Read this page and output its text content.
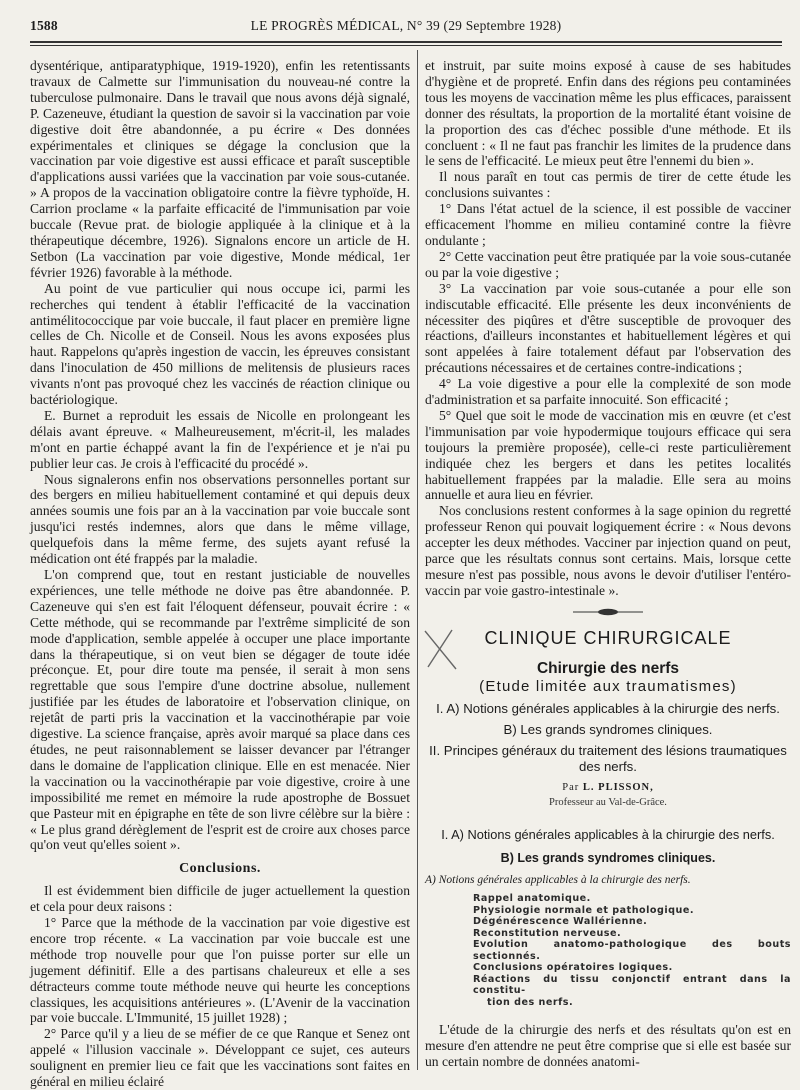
1588	LE PROGRÈS MÉDICAL, N° 39 (29 Septembre 1928)

dysentérique, antiparatyphique, 1919-1920), enfin les retentissants travaux de Calmette sur l'immunisation du nouveau-né contre la tuberculose pulmonaire. Dans le travail que nous avons déjà signalé, P. Cazeneuve, étudiant la question de savoir si la vaccination par voie digestive doit être abandonnée, a pu écrire « Des données expérimentales et cliniques se dégage la conclusion que la vaccination par voie digestive est aussi efficace et paraît susceptible d'applications aussi variées que la vaccination par voie sous-cutanée. » A propos de la vaccination obligatoire contre la fièvre typhoïde, H. Carrion proclame « la parfaite efficacité de l'immunisation par voie buccale (Revue prat. de biologie appliquée à la clinique et à la thérapeutique décembre, 1926). Signalons encore un article de H. Setbon (La vaccination par voie digestive, Monde médical, 1er février 1926) favorable à la méthode.

Au point de vue particulier qui nous occupe ici, parmi les recherches qui tendent à établir l'efficacité de la vaccination antimélitococcique par voie buccale, il faut placer en première ligne celles de Ch. Nicolle et de Conseil. Nous les avons exposées plus haut. Rappelons qu'après ingestion de vaccin, les épreuves consistant dans l'inoculation de 450 millions de melitensis de plusieurs races vivants n'ont pas provoqué chez les vaccinés de réaction clinique ou bactériologique.

E. Burnet a reproduit les essais de Nicolle en prolongeant les délais avant épreuve. « Malheureusement, m'écrit-il, les malades m'ont en partie échappé avant la fin de l'expérience et je n'ai pu publier leur cas. Je crois à l'efficacité du procédé ».

Nous signalerons enfin nos observations personnelles portant sur des bergers en milieu habituellement contaminé et qui depuis deux années soumis une fois par an à la vaccination par voie buccale sont jusqu'ici restés indemnes, alors que dans le même village, quelquefois dans la même ferme, des sujets ayant refusé la médication ont été frappés par la maladie.

L'on comprend que, tout en restant justiciable de nouvelles expériences, une telle méthode ne doive pas être abandonnée. P. Cazeneuve qui s'en est fait l'éloquent défenseur, pouvait écrire : « Cette méthode, qui se recommande par l'extrême simplicité de son mode d'application, semble appelée à occuper une place importante dans la thérapeutique, si on veut bien se dégager de toute idée préconçue. Et, pour dire toute ma pensée, il serait à mon sens regrettable que sous l'empire d'une doctrine absolue, nullement justifiée par les études de laboratoire et l'observation clinique, on rejetât de parti pris la vaccination et la vaccinothérapie par voie digestive. La science française, après avoir marqué sa place dans ces études, ne peut raisonnablement se laisser devancer par l'étranger dans le domaine de l'application clinique. Elle en est menacée. Nier la vaccination ou la vaccinothérapie par voie digestive, croire à une impossibilité me remet en mémoire la rude apostrophe de Bossuet que Pasteur mit en épigraphe en tête de son livre célèbre sur la bière : « Le plus grand dérèglement de l'esprit est de croire aux choses parce qu'on veut qu'elles soient ».

Conclusions.

Il est évidemment bien difficile de juger actuellement la question et cela pour deux raisons :

1° Parce que la méthode de la vaccination par voie digestive est encore trop récente. « La vaccination par voie buccale est une méthode trop nouvelle pour que l'on puisse porter sur elle un jugement définitif. Elle a des partisans chaleureux et elle a ses détracteurs comme toute méthode neuve qui heurte les conceptions classiques, les acquisitions antérieures ». (L'Avenir de la vaccination par voie buccale. L'Immunité, 15 juillet 1928) ;

2° Parce qu'il y a lieu de se méfier de ce que Ranque et Senez ont appelé « l'illusion vaccinale ». Développant ce sujet, ces auteurs soulignent en premier lieu ce fait que les vaccinations sont faites en général en milieu éclairé

et instruit, par suite moins exposé à cause de ses habitudes d'hygiène et de propreté. Enfin dans des régions peu contaminées tous les moyens de vaccination même les plus efficaces, paraissent donner des résultats, la proportion de la mortalité étant voisine de la proportion des cas d'échec possible d'une méthode. Et ils concluent : « Il ne faut pas franchir les limites de la prudence dans le sens de l'efficacité. Le mieux peut être l'ennemi du bien ».

Il nous paraît en tout cas permis de tirer de cette étude les conclusions suivantes :

1° Dans l'état actuel de la science, il est possible de vacciner efficacement l'homme en milieu contaminé contre la fièvre ondulante ;

2° Cette vaccination peut être pratiquée par la voie sous-cutanée ou par la voie digestive ;

3° La vaccination par voie sous-cutanée a pour elle son indiscutable efficacité. Elle présente les deux inconvénients de nécessiter des piqûres et d'être susceptible de provoquer des réactions, d'ailleurs inconstantes et habituellement légères et qui sont appelées à faire totalement défaut par l'observation des précautions nécessaires et de certaines contre-indications ;

4° La voie digestive a pour elle la complexité de son mode d'administration et sa parfaite innocuité. Son efficacité ;

5° Quel que soit le mode de vaccination mis en œuvre (et c'est l'immunisation par voie hypodermique toujours efficace qui sera toujours la première proposée), celle-ci reste particulièrement indiquée chez les bergers et dans les petites localités habituellement frappées par la maladie. Elle sera au moins annuelle et aura lieu en février.

Nos conclusions restent conformes à la sage opinion du regretté professeur Renon qui pouvait logiquement écrire : « Nous devons accepter les deux méthodes. Vacciner par injection quand on peut, parce que les résultats connus sont certains. Mais, lorsque cette mesure n'est pas possible, nous avons le devoir d'utiliser l'entéro-vaccin par voie gastro-intestinale ».

CLINIQUE CHIRURGICALE
Chirurgie des nerfs
(Etude limitée aux traumatismes)
I. A) Notions générales applicables à la chirurgie des nerfs.
B) Les grands syndromes cliniques.
II. Principes généraux du traitement des lésions traumatiques des nerfs.
Par L. PLISSON,
Professeur au Val-de-Grâce.
I. A) Notions générales applicables à la chirurgie des nerfs.
B) Les grands syndromes cliniques.
A) Notions générales applicables à la chirurgie des nerfs.
Rappel anatomique.
Physiologie normale et pathologique.
Dégénérescence Wallérienne.
Reconstitution nerveuse.
Evolution anatomo-pathologique des bouts sectionnés.
Conclusions opératoires logiques.
Réactions du tissu conjonctif entrant dans la constitu-
tion des nerfs.

L'étude de la chirurgie des nerfs et des résultats qu'on est en mesure d'en attendre ne peut être comprise que si elle est basée sur un certain nombre de données anatomi-
